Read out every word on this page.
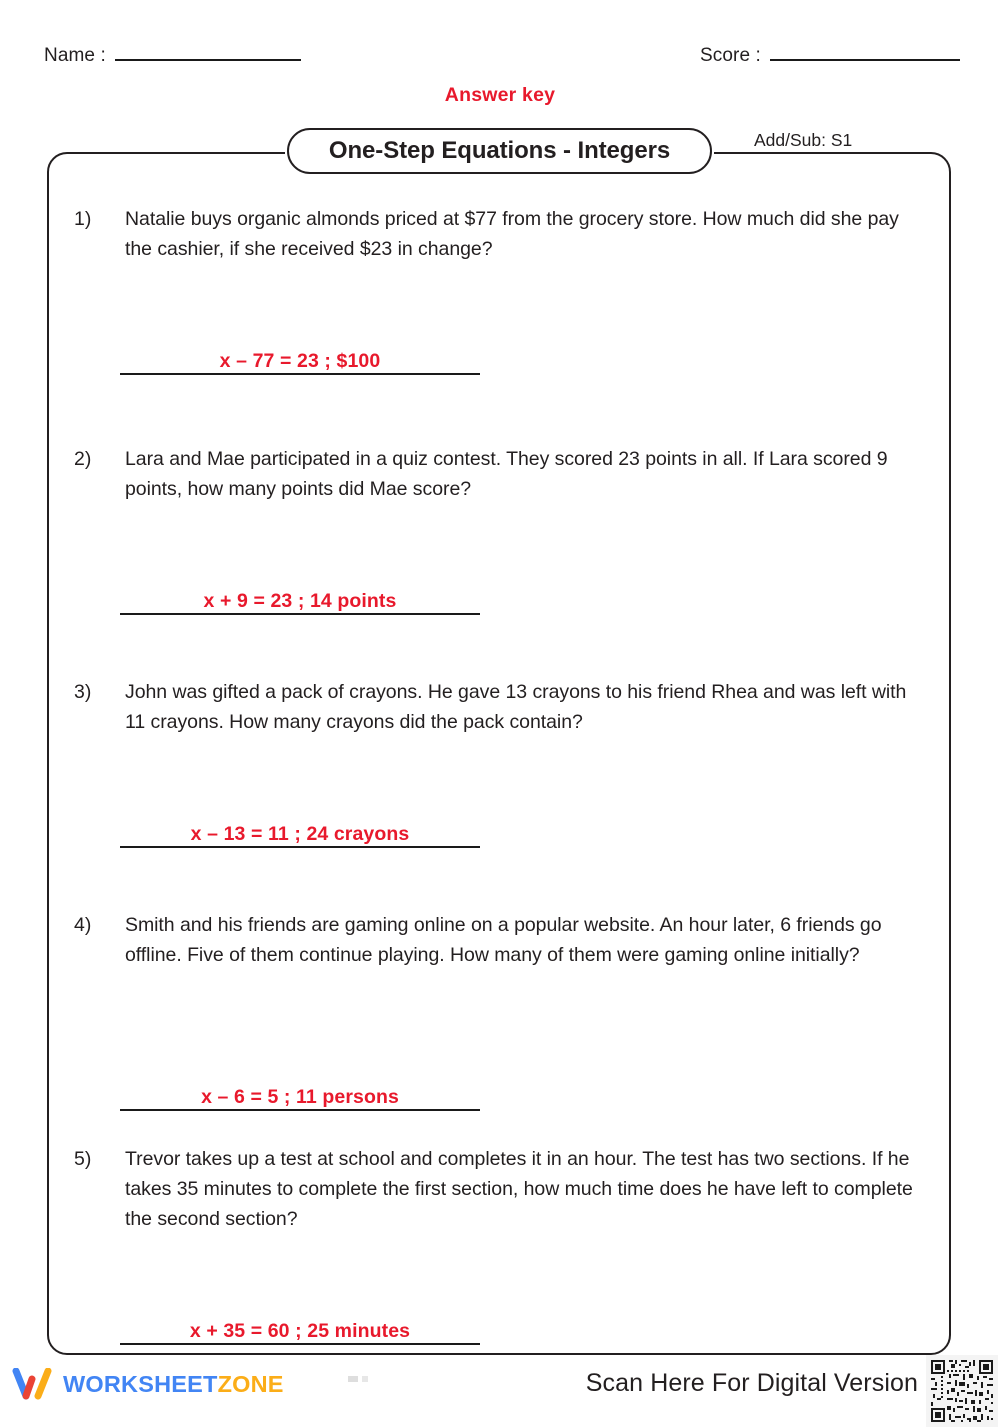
Name :	Score :
Answer key
One-Step Equations - Integers	Add/Sub: S1
1)	Natalie buys organic almonds priced at $77 from the grocery store. How much did she pay the cashier, if she received $23 in change?
x – 77 = 23 ; $100
2)	Lara and Mae participated in a quiz contest. They scored 23 points in all. If Lara scored 9 points, how many points did Mae score?
x + 9 = 23 ; 14 points
3)	John was gifted a pack of crayons. He gave 13 crayons to his friend Rhea and was left with 11 crayons. How many crayons did the pack contain?
x – 13 = 11 ; 24 crayons
4)	Smith and his friends are gaming online on a popular website. An hour later, 6 friends go offline. Five of them continue playing. How many of them were gaming online initially?
x – 6 = 5 ; 11 persons
5)	Trevor takes up a test at school and completes it in an hour. The test has two sections. If he takes 35 minutes to complete the first section, how much time does he have left to complete the second section?
x + 35 = 60 ; 25 minutes
WORKSHEETZONE	Scan Here For Digital Version
